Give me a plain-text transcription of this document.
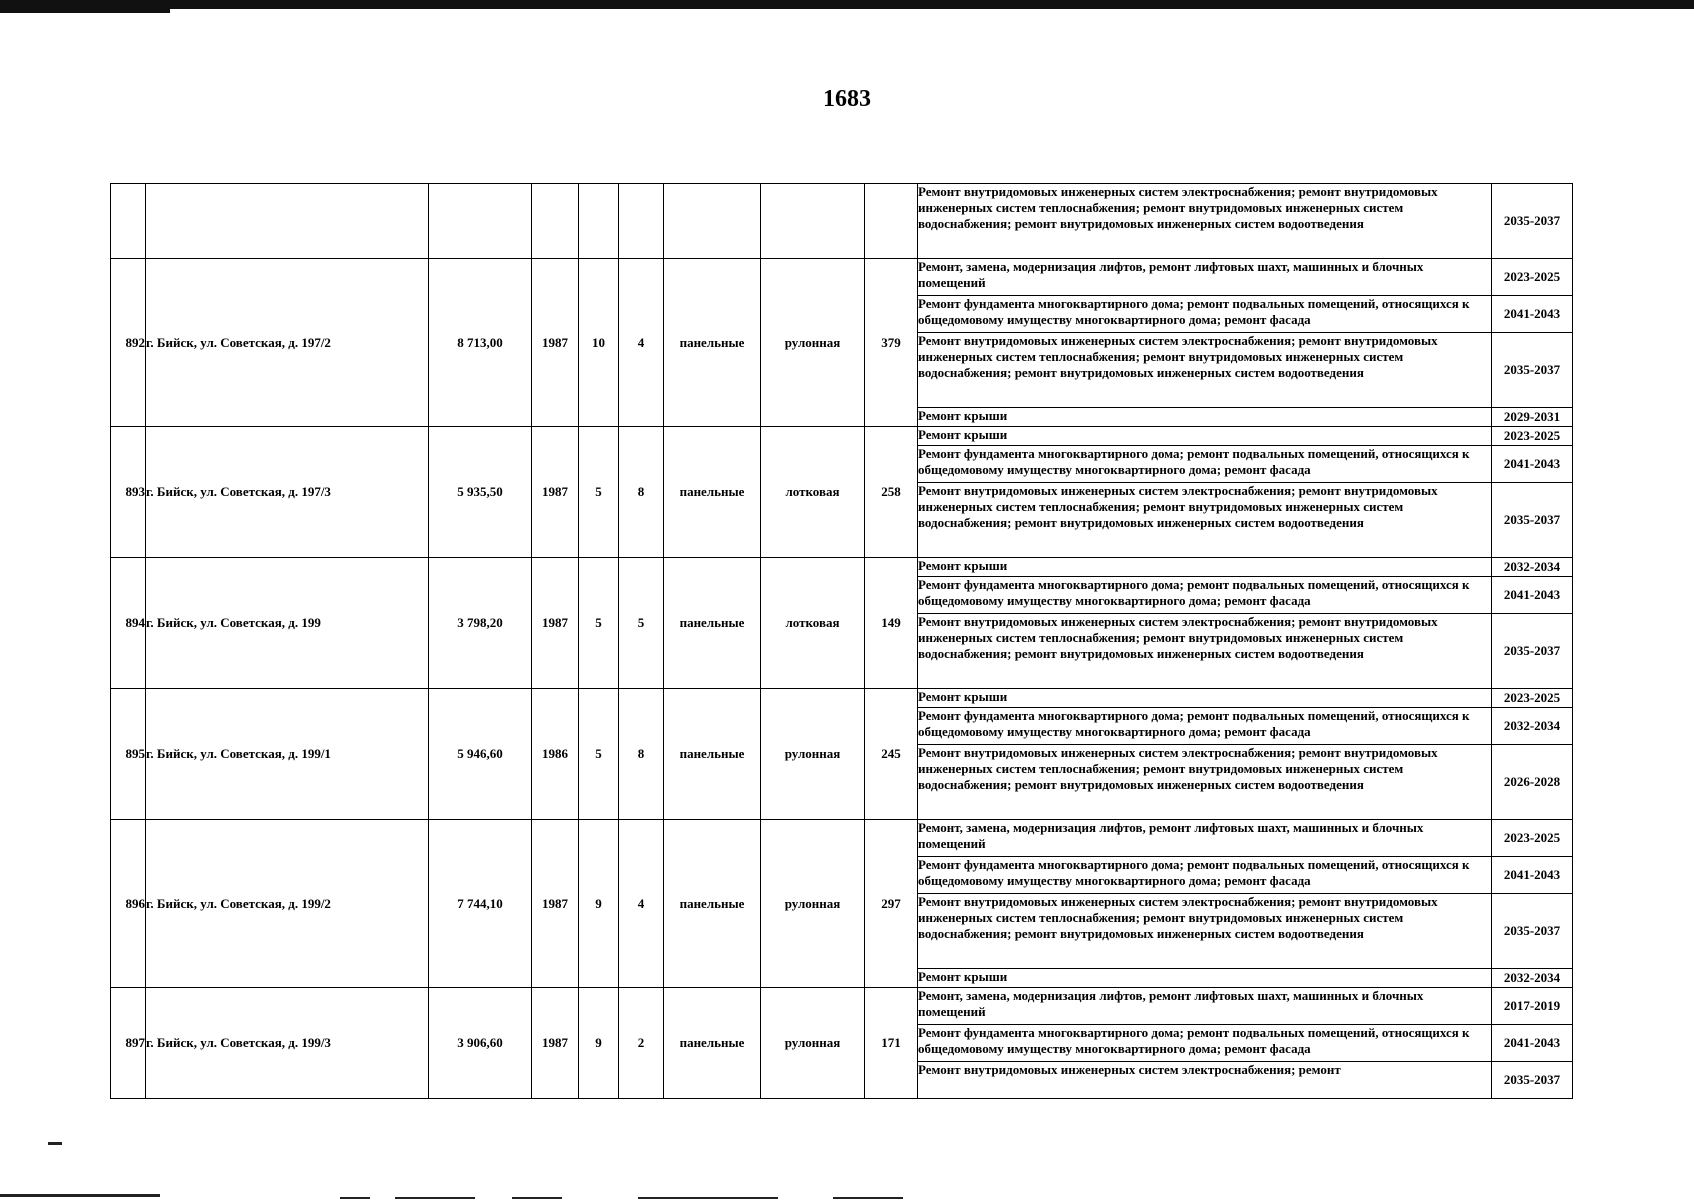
1683
									Ремонт внутридомовых инженерных систем электроснабжения; ремонт внутридомовых инженерных систем теплоснабжения; ремонт внутридомовых инженерных систем водоснабжения; ремонт внутридомовых инженерных систем водоотведения	2035-2037
892	г. Бийск, ул. Советская, д. 197/2	8 713,00	1987	10	4	панельные	рулонная	379	Ремонт, замена, модернизация лифтов, ремонт лифтовых шахт, машинных и блочных помещений	2023-2025
									Ремонт фундамента многоквартирного дома; ремонт подвальных помещений, относящихся к общедомовому имуществу многоквартирного дома; ремонт фасада	2041-2043
									Ремонт внутридомовых инженерных систем электроснабжения; ремонт внутридомовых инженерных систем теплоснабжения; ремонт внутридомовых инженерных систем водоснабжения; ремонт внутридомовых инженерных систем водоотведения	2035-2037
									Ремонт крыши	2029-2031
893	г. Бийск, ул. Советская, д. 197/3	5 935,50	1987	5	8	панельные	лотковая	258	Ремонт крыши	2023-2025
									Ремонт фундамента многоквартирного дома; ремонт подвальных помещений, относящихся к общедомовому имуществу многоквартирного дома; ремонт фасада	2041-2043
									Ремонт внутридомовых инженерных систем электроснабжения; ремонт внутридомовых инженерных систем теплоснабжения; ремонт внутридомовых инженерных систем водоснабжения; ремонт внутридомовых инженерных систем водоотведения	2035-2037
894	г. Бийск, ул. Советская, д. 199	3 798,20	1987	5	5	панельные	лотковая	149	Ремонт крыши	2032-2034
									Ремонт фундамента многоквартирного дома; ремонт подвальных помещений, относящихся к общедомовому имуществу многоквартирного дома; ремонт фасада	2041-2043
									Ремонт внутридомовых инженерных систем электроснабжения; ремонт внутридомовых инженерных систем теплоснабжения; ремонт внутридомовых инженерных систем водоснабжения; ремонт внутридомовых инженерных систем водоотведения	2035-2037
895	г. Бийск, ул. Советская, д. 199/1	5 946,60	1986	5	8	панельные	рулонная	245	Ремонт крыши	2023-2025
									Ремонт фундамента многоквартирного дома; ремонт подвальных помещений, относящихся к общедомовому имуществу многоквартирного дома; ремонт фасада	2032-2034
									Ремонт внутридомовых инженерных систем электроснабжения; ремонт внутридомовых инженерных систем теплоснабжения; ремонт внутридомовых инженерных систем водоснабжения; ремонт внутридомовых инженерных систем водоотведения	2026-2028
896	г. Бийск, ул. Советская, д. 199/2	7 744,10	1987	9	4	панельные	рулонная	297	Ремонт, замена, модернизация лифтов, ремонт лифтовых шахт, машинных и блочных помещений	2023-2025
									Ремонт фундамента многоквартирного дома; ремонт подвальных помещений, относящихся к общедомовому имуществу многоквартирного дома; ремонт фасада	2041-2043
									Ремонт внутридомовых инженерных систем электроснабжения; ремонт внутридомовых инженерных систем теплоснабжения; ремонт внутридомовых инженерных систем водоснабжения; ремонт внутридомовых инженерных систем водоотведения	2035-2037
									Ремонт крыши	2032-2034
897	г. Бийск, ул. Советская, д. 199/3	3 906,60	1987	9	2	панельные	рулонная	171	Ремонт, замена, модернизация лифтов, ремонт лифтовых шахт, машинных и блочных помещений	2017-2019
									Ремонт фундамента многоквартирного дома; ремонт подвальных помещений, относящихся к общедомовому имуществу многоквартирного дома; ремонт фасада	2041-2043
									Ремонт внутридомовых инженерных систем электроснабжения; ремонт	2035-2037
